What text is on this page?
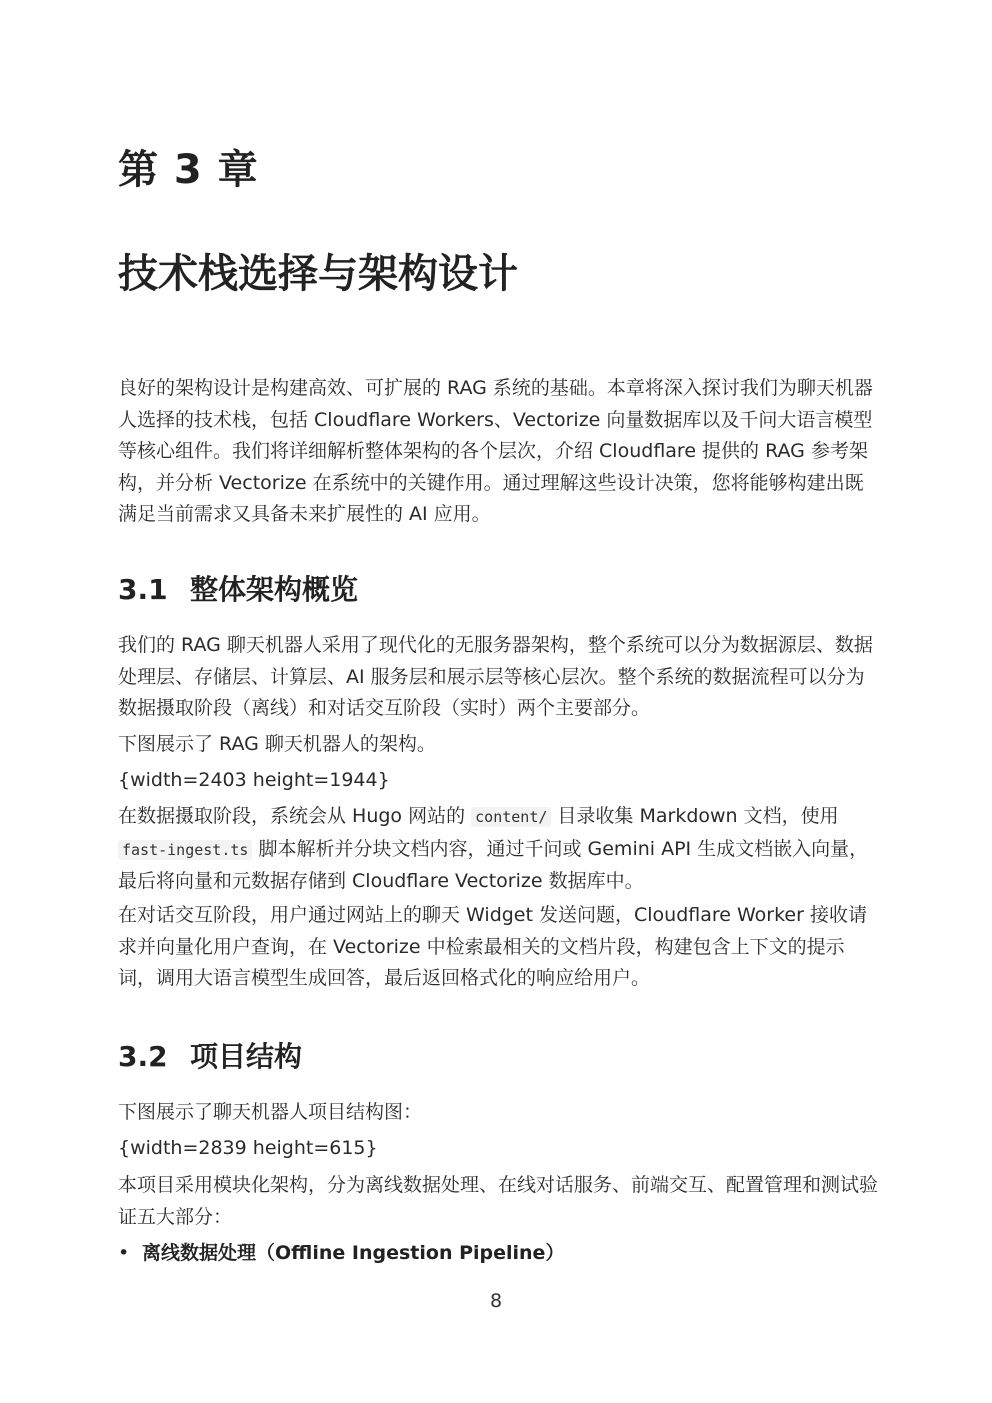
第 3 章
技术栈选择与架构设计

良好的架构设计是构建高效、可扩展的 RAG 系统的基础。本章将深入探讨我们为聊天机器人选择的技术栈，包括 Cloudflare Workers、Vectorize 向量数据库以及千问大语言模型等核心组件。我们将详细解析整体架构的各个层次，介绍 Cloudflare 提供的 RAG 参考架构，并分析 Vectorize 在系统中的关键作用。通过理解这些设计决策，您将能够构建出既满足当前需求又具备未来扩展性的 AI 应用。

3.1 整体架构概览

我们的 RAG 聊天机器人采用了现代化的无服务器架构，整个系统可以分为数据源层、数据处理层、存储层、计算层、AI 服务层和展示层等核心层次。整个系统的数据流程可以分为数据摄取阶段（离线）和对话交互阶段（实时）两个主要部分。

下图展示了 RAG 聊天机器人的架构。

{width=2403 height=1944}

在数据摄取阶段，系统会从 Hugo 网站的 content/ 目录收集 Markdown 文档，使用 fast-ingest.ts 脚本解析并分块文档内容，通过千问或 Gemini API 生成文档嵌入向量，最后将向量和元数据存储到 Cloudflare Vectorize 数据库中。

在对话交互阶段，用户通过网站上的聊天 Widget 发送问题，Cloudflare Worker 接收请求并向量化用户查询，在 Vectorize 中检索最相关的文档片段，构建包含上下文的提示词，调用大语言模型生成回答，最后返回格式化的响应给用户。

3.2 项目结构

下图展示了聊天机器人项目结构图：

{width=2839 height=615}

本项目采用模块化架构，分为离线数据处理、在线对话服务、前端交互、配置管理和测试验证五大部分：

• 离线数据处理（Offline Ingestion Pipeline）
8
